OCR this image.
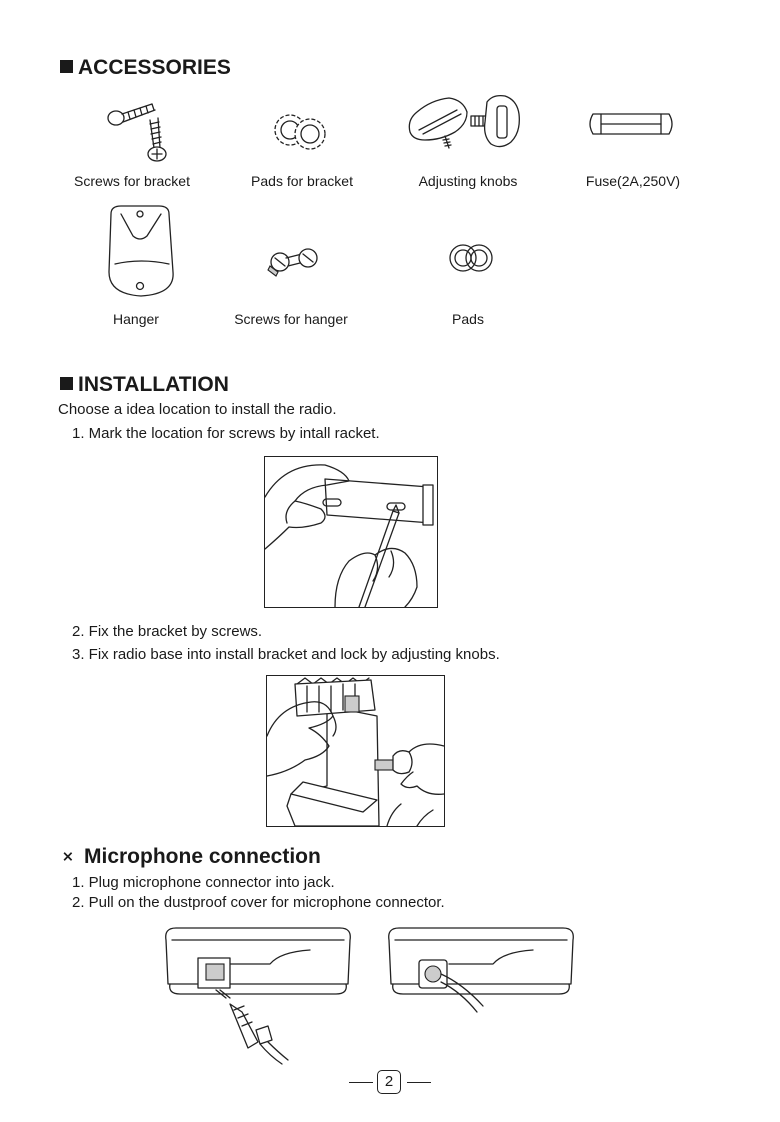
ACCESSORIES
Screws for bracket	Pads for bracket	Adjusting knobs	Fuse(2A,250V)
Hanger	Screws for hanger	Pads
INSTALLATION
Choose a idea location to install the radio.
1. Mark the location for screws by intall racket.
2. Fix the bracket by screws.
3. Fix radio base into install bracket and lock by adjusting knobs.
⨯ Microphone connection
1. Plug microphone connector into jack.
2. Pull on the dustproof cover for microphone connector.
2
